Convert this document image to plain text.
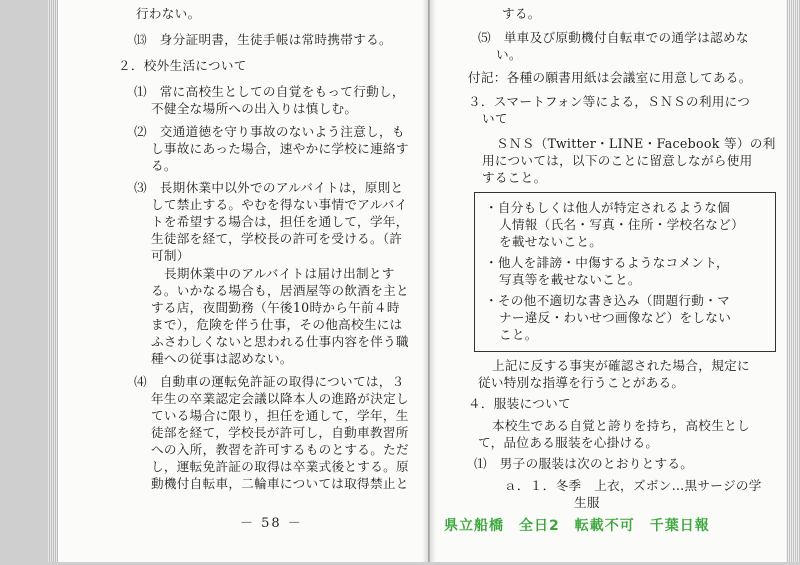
行わない。
⒀　身分証明書，生徒手帳は常時携帯する。
２．校外生活について
⑴　常に高校生としての自覚をもって行動し，
不健全な場所への出入りは慎しむ。
⑵　交通道徳を守り事故のないよう注意し，も
し事故にあった場合，速やかに学校に連絡す
る。
⑶　長期休業中以外でのアルバイトは，原則と
して禁止する。やむを得ない事情でアルバイ
トを希望する場合は，担任を通して，学年，
生徒部を経て，学校長の許可を受ける。（許
可制）
長期休業中のアルバイトは届け出制とす
る。いかなる場合も，居酒屋等の飲酒を主と
する店，夜間勤務（午後10時から午前４時
まで），危険を伴う仕事，その他高校生には
ふさわしくないと思われる仕事内容を伴う職
種への従事は認めない。
⑷　自動車の運転免許証の取得については，３
年生の卒業認定会議以降本人の進路が決定し
ている場合に限り，担任を通して，学年，生
徒部を経て，学校長が許可し，自動車教習所
への入所，教習を許可するものとする。ただ
し，運転免許証の取得は卒業式後とする。原
動機付自転車，二輪車については取得禁止と
－ 58 －
する。
⑸　単車及び原動機付自転車での通学は認めな
い。
付記：各種の願書用紙は会議室に用意してある。
３．スマートフォン等による，ＳＮＳの利用につ
いて
ＳＮＳ（Twitter・LINE・Facebook 等）の利
用については，以下のことに留意しながら使用
すること。
・自分もしくは他人が特定されるような個
人情報（氏名・写真・住所・学校名など）
を載せないこと。
・他人を誹謗・中傷するようなコメント，
写真等を載せないこと。
・その他不適切な書き込み（問題行動・マ
ナー違反・わいせつ画像など）をしない
こと。
上記に反する事実が確認された場合，規定に
従い特別な指導を行うことがある。
４．服装について
本校生である自覚と誇りを持ち，高校生とし
て，品位ある服装を心掛ける。
⑴　男子の服装は次のとおりとする。
ａ．１．冬季　上衣，ズボン…黒サージの学
生服
県立船橋　全日2　転載不可　千葉日報
